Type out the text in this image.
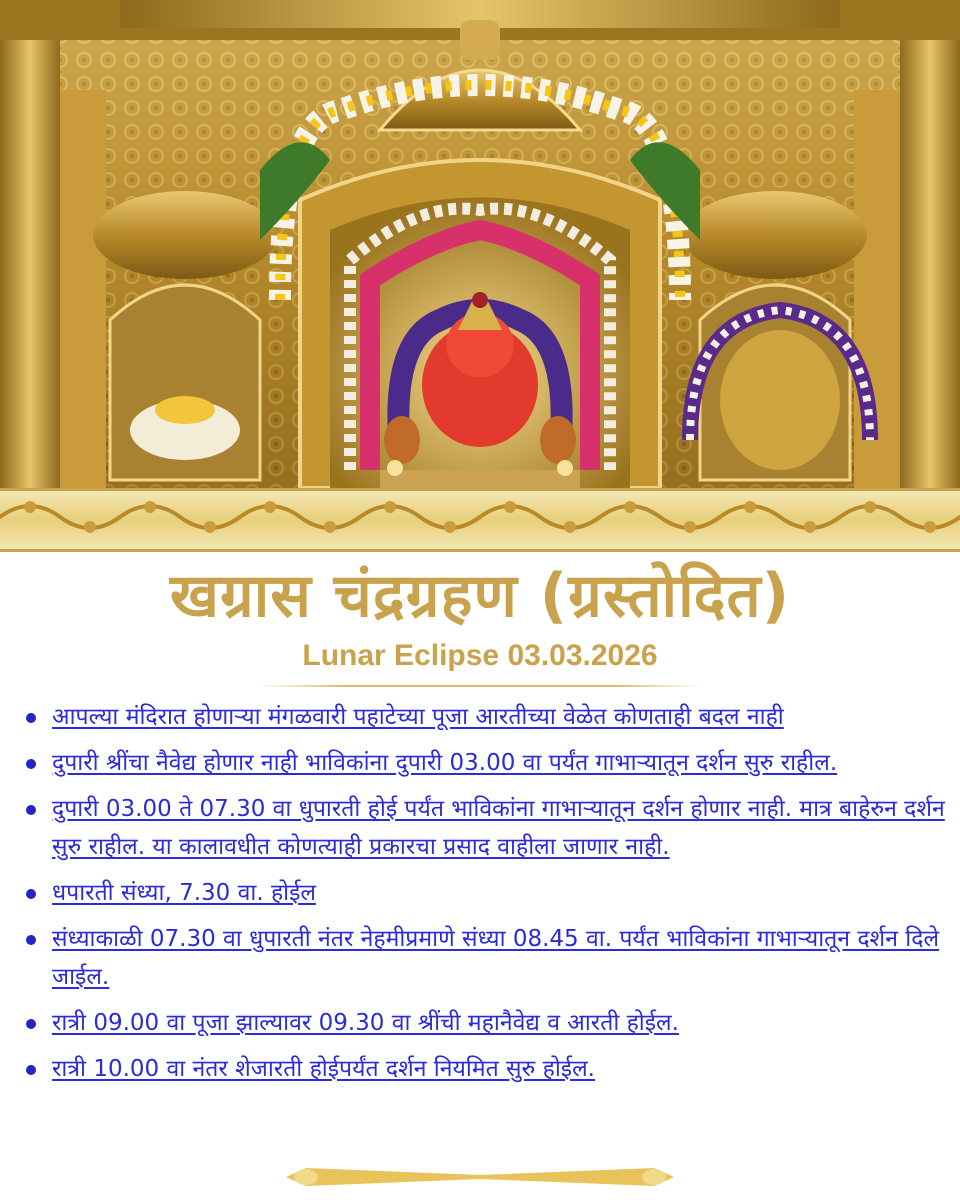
खग्रास चंद्रग्रहण (ग्रस्तोदित)
Lunar Eclipse 03.03.2026
आपल्या मंदिरात होणाऱ्या मंगळवारी पहाटेच्या पूजा आरतीच्या वेळेत कोणताही बदल नाही
दुपारी श्रींचा नैवेद्य होणार नाही भाविकांना दुपारी 03.00 वा पर्यंत गाभाऱ्यातून दर्शन सुरु राहील.
दुपारी 03.00 ते 07.30 वा धुपारती होई पर्यंत भाविकांना गाभाऱ्यातून दर्शन होणार नाही. मात्र बाहेरुन दर्शन सुरु राहील. या कालावधीत कोणत्याही प्रकारचा प्रसाद वाहीला जाणार नाही.
धपारती संध्या, 7.30 वा. होईल
संध्याकाळी 07.30 वा धुपारती नंतर नेहमीप्रमाणे संध्या 08.45 वा. पर्यंत भाविकांना गाभाऱ्यातून दर्शन दिले जाईल.
रात्री 09.00 वा पूजा झाल्यावर 09.30 वा श्रींची महानैवेद्य व आरती होईल.
रात्री 10.00 वा नंतर शेजारती होईपर्यंत दर्शन नियमित सुरु होईल.
